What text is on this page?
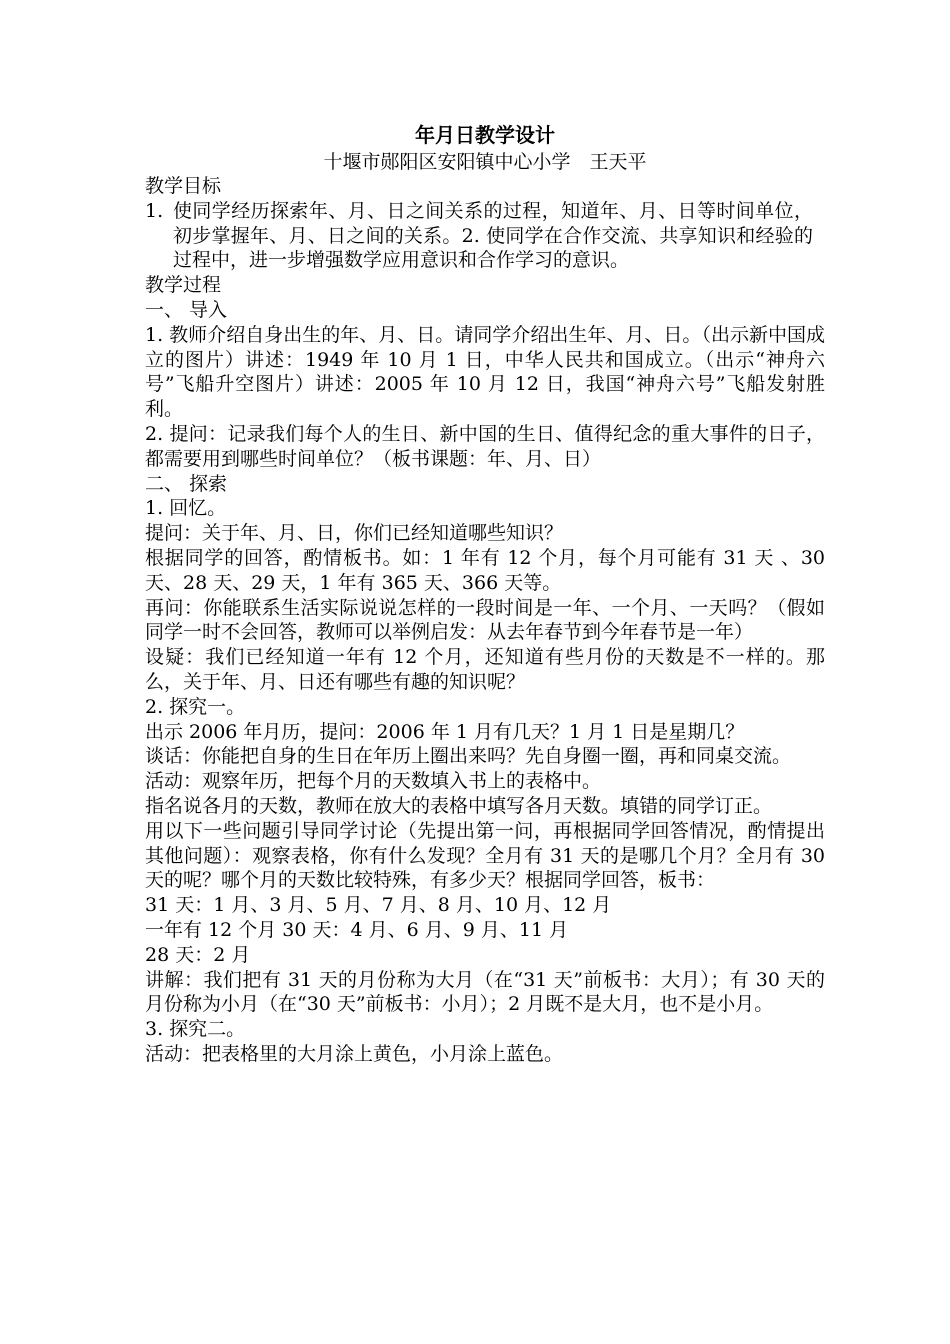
年月日教学设计

十堰市郧阳区安阳镇中心小学　王天平

教学目标

1. 使同学经历探索年、月、日之间关系的过程，知道年、月、日等时间单位，初步掌握年、月、日之间的关系。2. 使同学在合作交流、共享知识和经验的过程中，进一步增强数学应用意识和合作学习的意识。

教学过程

一、 导入

1. 教师介绍自身出生的年、月、日。请同学介绍出生年、月、日。（出示新中国成立的图片）讲述：1949 年 10 月 1 日，中华人民共和国成立。（出示“神舟六号”飞船升空图片）讲述：2005 年 10 月 12 日，我国“神舟六号”飞船发射胜利。

2. 提问：记录我们每个人的生日、新中国的生日、值得纪念的重大事件的日子，都需要用到哪些时间单位？（板书课题：年、月、日）

二、 探索

1. 回忆。

提问：关于年、月、日，你们已经知道哪些知识？

根据同学的回答，酌情板书。如：1 年有 12 个月，每个月可能有 31 天 、30 天、28 天、29 天，1 年有 365 天、366 天等。

再问：你能联系生活实际说说怎样的一段时间是一年、一个月、一天吗？（假如同学一时不会回答，教师可以举例启发：从去年春节到今年春节是一年）

设疑：我们已经知道一年有 12 个月，还知道有些月份的天数是不一样的。那么，关于年、月、日还有哪些有趣的知识呢？

2. 探究一。

出示 2006 年月历，提问：2006 年 1 月有几天？1 月 1 日是星期几？

谈话：你能把自身的生日在年历上圈出来吗？先自身圈一圈，再和同桌交流。

活动：观察年历，把每个月的天数填入书上的表格中。

指名说各月的天数，教师在放大的表格中填写各月天数。填错的同学订正。

用以下一些问题引导同学讨论（先提出第一问，再根据同学回答情况，酌情提出其他问题）：观察表格，你有什么发现？全月有 31 天的是哪几个月？全月有 30 天的呢？哪个月的天数比较特殊，有多少天？根据同学回答，板书：

31 天：1 月、3 月、5 月、7 月、8 月、10 月、12 月

一年有 12 个月 30 天：4 月、6 月、9 月、11 月

28 天：2 月

讲解：我们把有 31 天的月份称为大月（在“31 天”前板书：大月）；有 30 天的月份称为小月（在“30 天”前板书：小月）；2 月既不是大月，也不是小月。

3. 探究二。

活动：把表格里的大月涂上黄色，小月涂上蓝色。
